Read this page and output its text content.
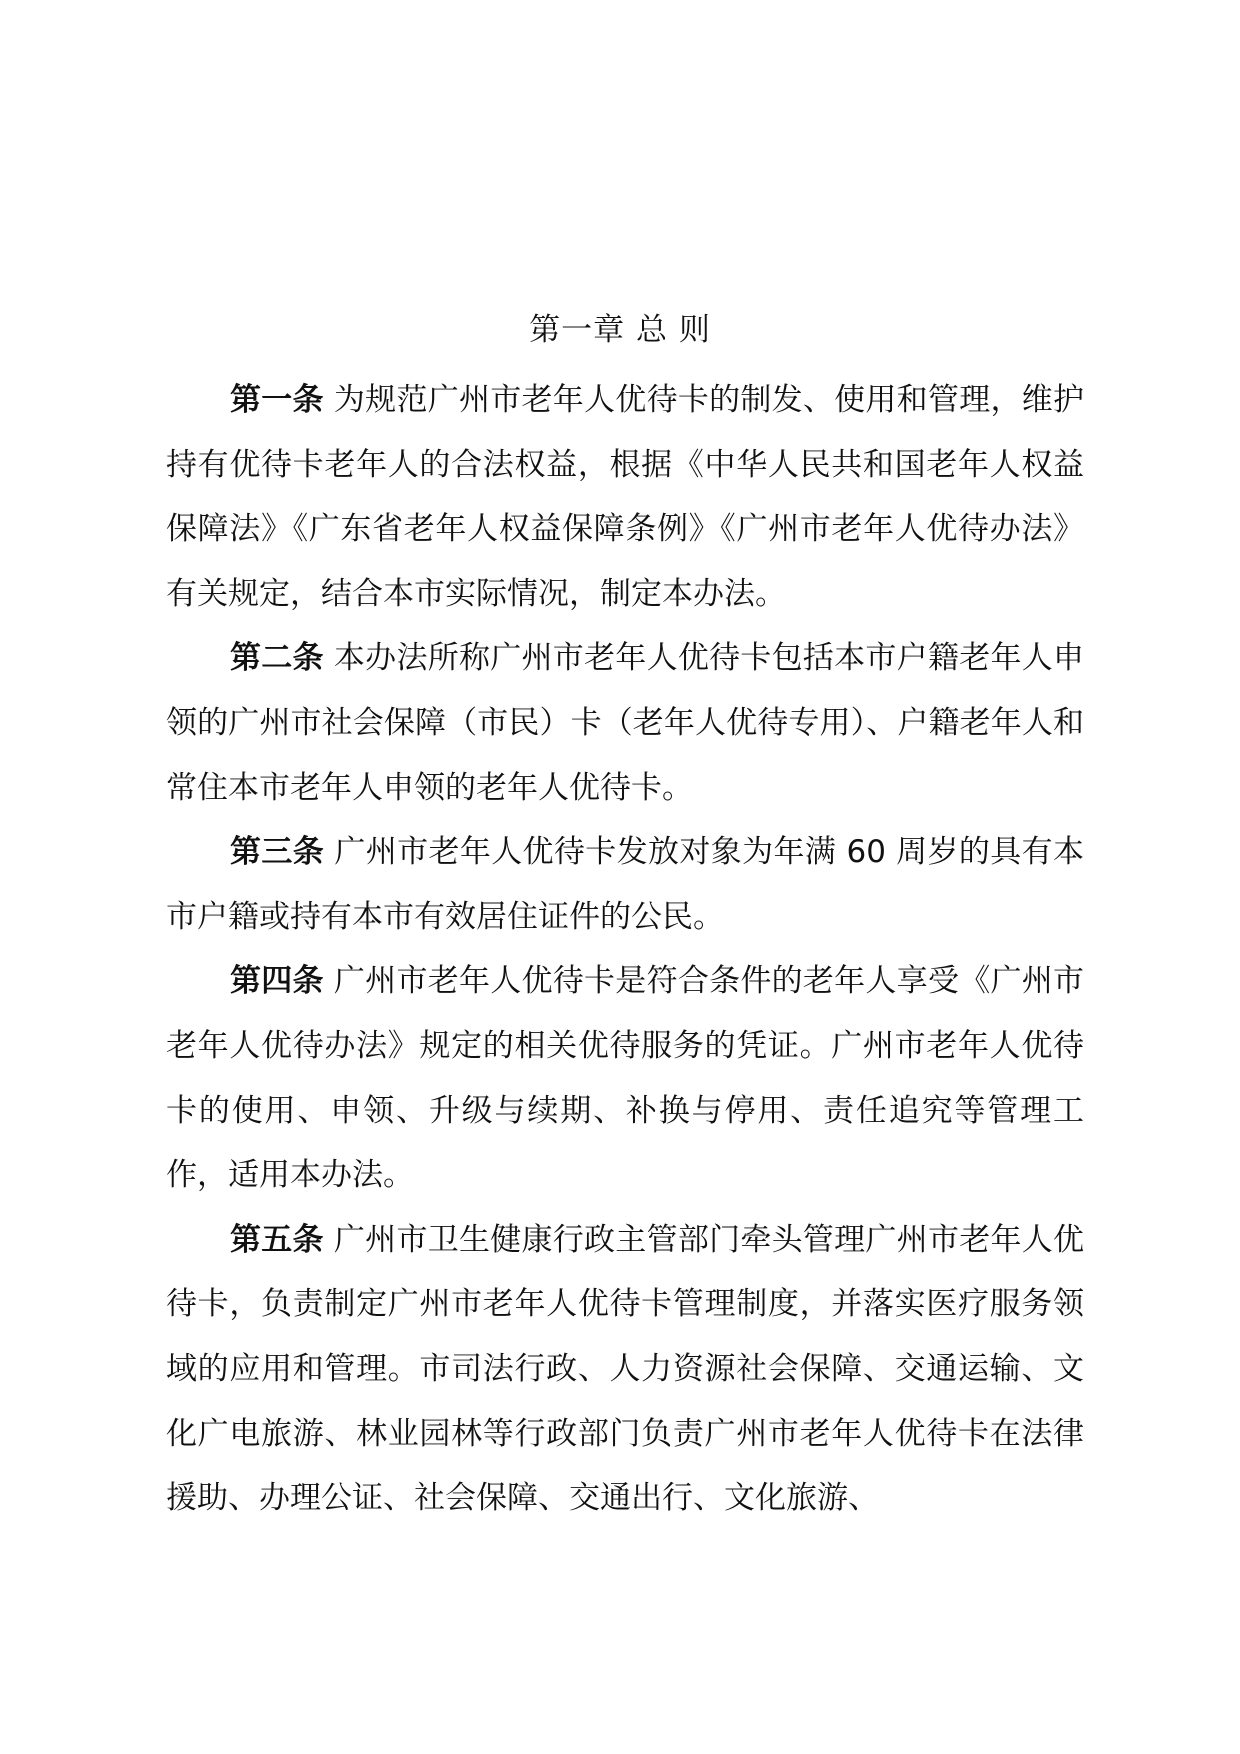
第一章 总 则

第一条 为规范广州市老年人优待卡的制发、使用和管理，维护持有优待卡老年人的合法权益，根据《中华人民共和国老年人权益保障法》《广东省老年人权益保障条例》《广州市老年人优待办法》有关规定，结合本市实际情况，制定本办法。

第二条 本办法所称广州市老年人优待卡包括本市户籍老年人申领的广州市社会保障（市民）卡（老年人优待专用）、户籍老年人和常住本市老年人申领的老年人优待卡。

第三条 广州市老年人优待卡发放对象为年满 60 周岁的具有本市户籍或持有本市有效居住证件的公民。

第四条 广州市老年人优待卡是符合条件的老年人享受《广州市老年人优待办法》规定的相关优待服务的凭证。广州市老年人优待卡的使用、申领、升级与续期、补换与停用、责任追究等管理工作，适用本办法。

第五条 广州市卫生健康行政主管部门牵头管理广州市老年人优待卡，负责制定广州市老年人优待卡管理制度，并落实医疗服务领域的应用和管理。市司法行政、人力资源社会保障、交通运输、文化广电旅游、林业园林等行政部门负责广州市老年人优待卡在法律援助、办理公证、社会保障、交通出行、文化旅游、
